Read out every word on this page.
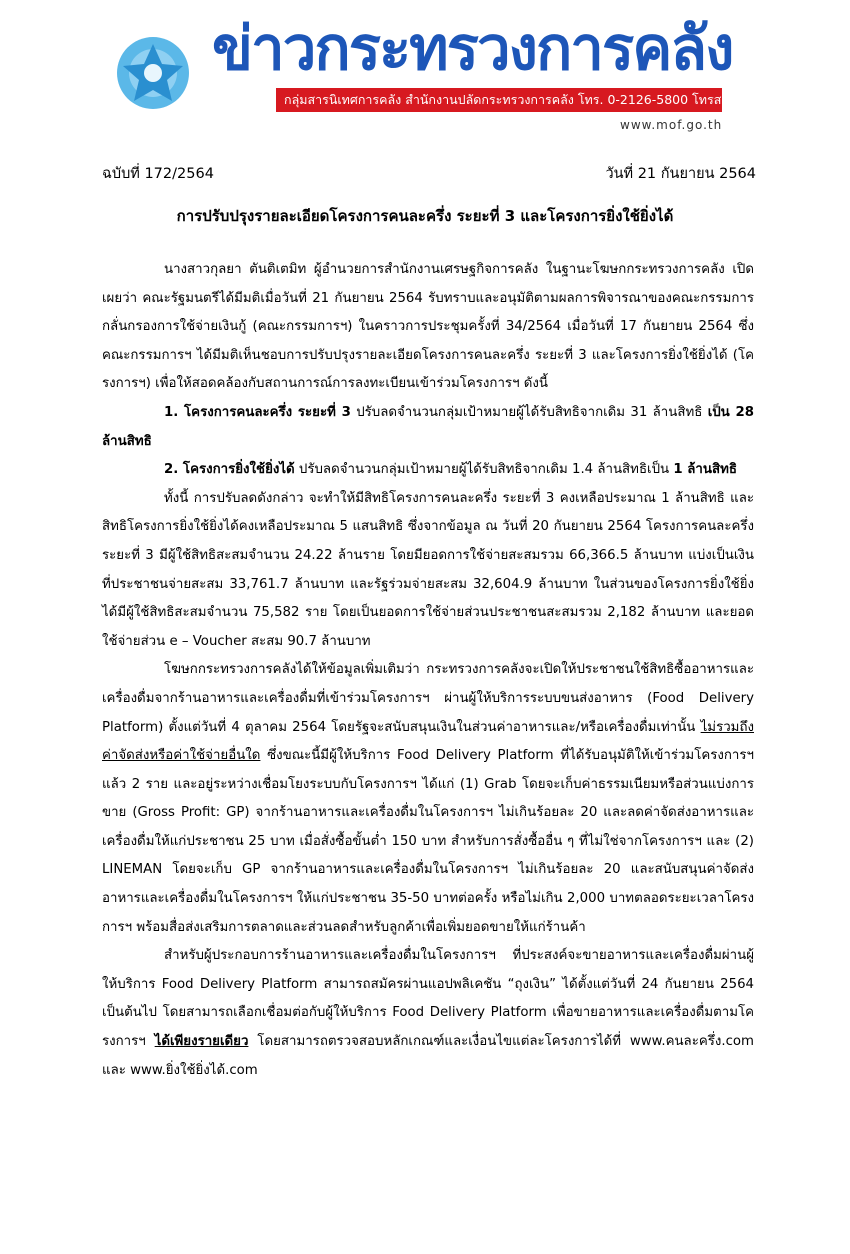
ข่าวกระทรวงการคลัง
กลุ่มสารนิเทศการคลัง สำนักงานปลัดกระทรวงการคลัง โทร. 0-2126-5800 โทรสาร 0-2273-9763
www.mof.go.th
ฉบับที่ 172/2564	วันที่ 21 กันยายน 2564
การปรับปรุงรายละเอียดโครงการคนละครึ่ง ระยะที่ 3 และโครงการยิ่งใช้ยิ่งได้

นางสาวกุลยา ตันติเตมิท ผู้อำนวยการสำนักงานเศรษฐกิจการคลัง ในฐานะโฆษกกระทรวงการคลัง เปิดเผยว่า คณะรัฐมนตรีได้มีมติเมื่อวันที่ 21 กันยายน 2564 รับทราบและอนุมัติตามผลการพิจารณาของคณะกรรมการกลั่นกรองการใช้จ่ายเงินกู้ (คณะกรรมการฯ) ในคราวการประชุมครั้งที่ 34/2564 เมื่อวันที่ 17 กันยายน 2564 ซึ่งคณะกรรมการฯ ได้มีมติเห็นชอบการปรับปรุงรายละเอียดโครงการคนละครึ่ง ระยะที่ 3 และโครงการยิ่งใช้ยิ่งได้ (โครงการฯ) เพื่อให้สอดคล้องกับสถานการณ์การลงทะเบียนเข้าร่วมโครงการฯ ดังนี้

1. โครงการคนละครึ่ง ระยะที่ 3 ปรับลดจำนวนกลุ่มเป้าหมายผู้ได้รับสิทธิจากเดิม 31 ล้านสิทธิ เป็น 28 ล้านสิทธิ

2. โครงการยิ่งใช้ยิ่งได้ ปรับลดจำนวนกลุ่มเป้าหมายผู้ได้รับสิทธิจากเดิม 1.4 ล้านสิทธิเป็น 1 ล้านสิทธิ

ทั้งนี้ การปรับลดดังกล่าว จะทำให้มีสิทธิโครงการคนละครึ่ง ระยะที่ 3 คงเหลือประมาณ 1 ล้านสิทธิ และสิทธิโครงการยิ่งใช้ยิ่งได้คงเหลือประมาณ 5 แสนสิทธิ ซึ่งจากข้อมูล ณ วันที่ 20 กันยายน 2564 โครงการคนละครึ่ง ระยะที่ 3 มีผู้ใช้สิทธิสะสมจำนวน 24.22 ล้านราย โดยมียอดการใช้จ่ายสะสมรวม 66,366.5 ล้านบาท แบ่งเป็นเงินที่ประชาชนจ่ายสะสม 33,761.7 ล้านบาท และรัฐร่วมจ่ายสะสม 32,604.9 ล้านบาท ในส่วนของโครงการยิ่งใช้ยิ่งได้มีผู้ใช้สิทธิสะสมจำนวน 75,582 ราย โดยเป็นยอดการใช้จ่ายส่วนประชาชนสะสมรวม 2,182 ล้านบาท และยอดใช้จ่ายส่วน e – Voucher สะสม 90.7 ล้านบาท

โฆษกกระทรวงการคลังได้ให้ข้อมูลเพิ่มเติมว่า กระทรวงการคลังจะเปิดให้ประชาชนใช้สิทธิซื้ออาหารและเครื่องดื่มจากร้านอาหารและเครื่องดื่มที่เข้าร่วมโครงการฯ ผ่านผู้ให้บริการระบบขนส่งอาหาร (Food Delivery Platform) ตั้งแต่วันที่ 4 ตุลาคม 2564 โดยรัฐจะสนับสนุนเงินในส่วนค่าอาหารและ/หรือเครื่องดื่มเท่านั้น ไม่รวมถึงค่าจัดส่งหรือค่าใช้จ่ายอื่นใด ซึ่งขณะนี้มีผู้ให้บริการ Food Delivery Platform ที่ได้รับอนุมัติให้เข้าร่วมโครงการฯ แล้ว 2 ราย และอยู่ระหว่างเชื่อมโยงระบบกับโครงการฯ ได้แก่ (1) Grab โดยจะเก็บค่าธรรมเนียมหรือส่วนแบ่งการขาย (Gross Profit: GP) จากร้านอาหารและเครื่องดื่มในโครงการฯ ไม่เกินร้อยละ 20 และลดค่าจัดส่งอาหารและเครื่องดื่มให้แก่ประชาชน 25 บาท เมื่อสั่งซื้อขั้นต่ำ 150 บาท สำหรับการสั่งซื้ออื่น ๆ ที่ไม่ใช่จากโครงการฯ และ (2) LINEMAN โดยจะเก็บ GP จากร้านอาหารและเครื่องดื่มในโครงการฯ ไม่เกินร้อยละ 20 และสนับสนุนค่าจัดส่งอาหารและเครื่องดื่มในโครงการฯ ให้แก่ประชาชน 35-50 บาทต่อครั้ง หรือไม่เกิน 2,000 บาทตลอดระยะเวลาโครงการฯ พร้อมสื่อส่งเสริมการตลาดและส่วนลดสำหรับลูกค้าเพื่อเพิ่มยอดขายให้แก่ร้านค้า

สำหรับผู้ประกอบการร้านอาหารและเครื่องดื่มในโครงการฯ ที่ประสงค์จะขายอาหารและเครื่องดื่มผ่านผู้ให้บริการ Food Delivery Platform สามารถสมัครผ่านแอปพลิเคชัน “ถุงเงิน” ได้ตั้งแต่วันที่ 24 กันยายน 2564 เป็นต้นไป โดยสามารถเลือกเชื่อมต่อกับผู้ให้บริการ Food Delivery Platform เพื่อขายอาหารและเครื่องดื่มตามโครงการฯ ได้เพียงรายเดียว โดยสามารถตรวจสอบหลักเกณฑ์และเงื่อนไขแต่ละโครงการได้ที่ www.คนละครึ่ง.com และ www.ยิ่งใช้ยิ่งได้.com
